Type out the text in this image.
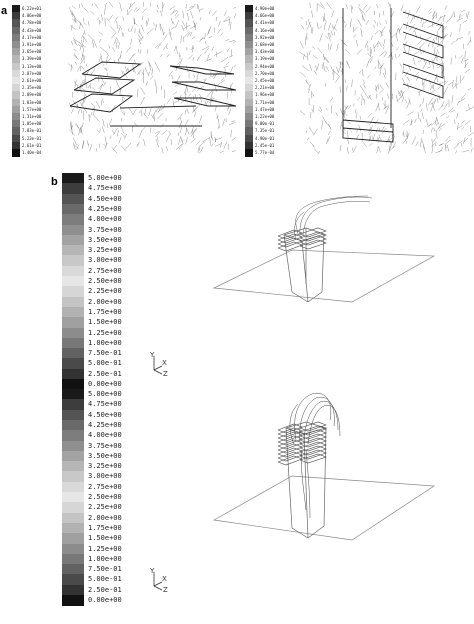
a	6.22e+01
4.06e+00
4.78e+00
4.43e+00
4.17e+00
3.91e+00
3.65e+00
3.39e+00
3.13e+00
2.87e+00
2.61e+00
2.35e+00
2.09e+00
1.83e+00
1.57e+00
1.31e+00
1.05e+00
7.83e-01
5.23e-01
2.61e-01
1.40e-04
4.90e+00
4.66e+00
4.41e+00
4.16e+00
3.92e+00
3.68e+00
3.43e+00
3.19e+00
2.94e+00
2.70e+00
2.45e+00
2.21e+00
1.96e+00
1.71e+00
1.47e+00
1.22e+00
9.80e-01
7.35e-01
4.90e-01
2.45e-01
5.77e-04
b	5.00e+00
4.75e+00
4.50e+00
4.25e+00
4.00e+00
3.75e+00
3.50e+00
3.25e+00
3.00e+00
2.75e+00
2.50e+00
2.25e+00
2.00e+00
1.75e+00
1.50e+00
1.25e+00
1.00e+00
7.50e-01
5.00e-01
2.50e-01
0.00e+00
5.00e+00
4.75e+00
4.50e+00
4.25e+00
4.00e+00
3.75e+00
3.50e+00
3.25e+00
3.00e+00
2.75e+00
2.50e+00
2.25e+00
2.00e+00
1.75e+00
1.50e+00
1.25e+00
1.00e+00
7.50e-01
5.00e-01
2.50e-01
0.00e+00
Y
X
Z
Y
X
Z
